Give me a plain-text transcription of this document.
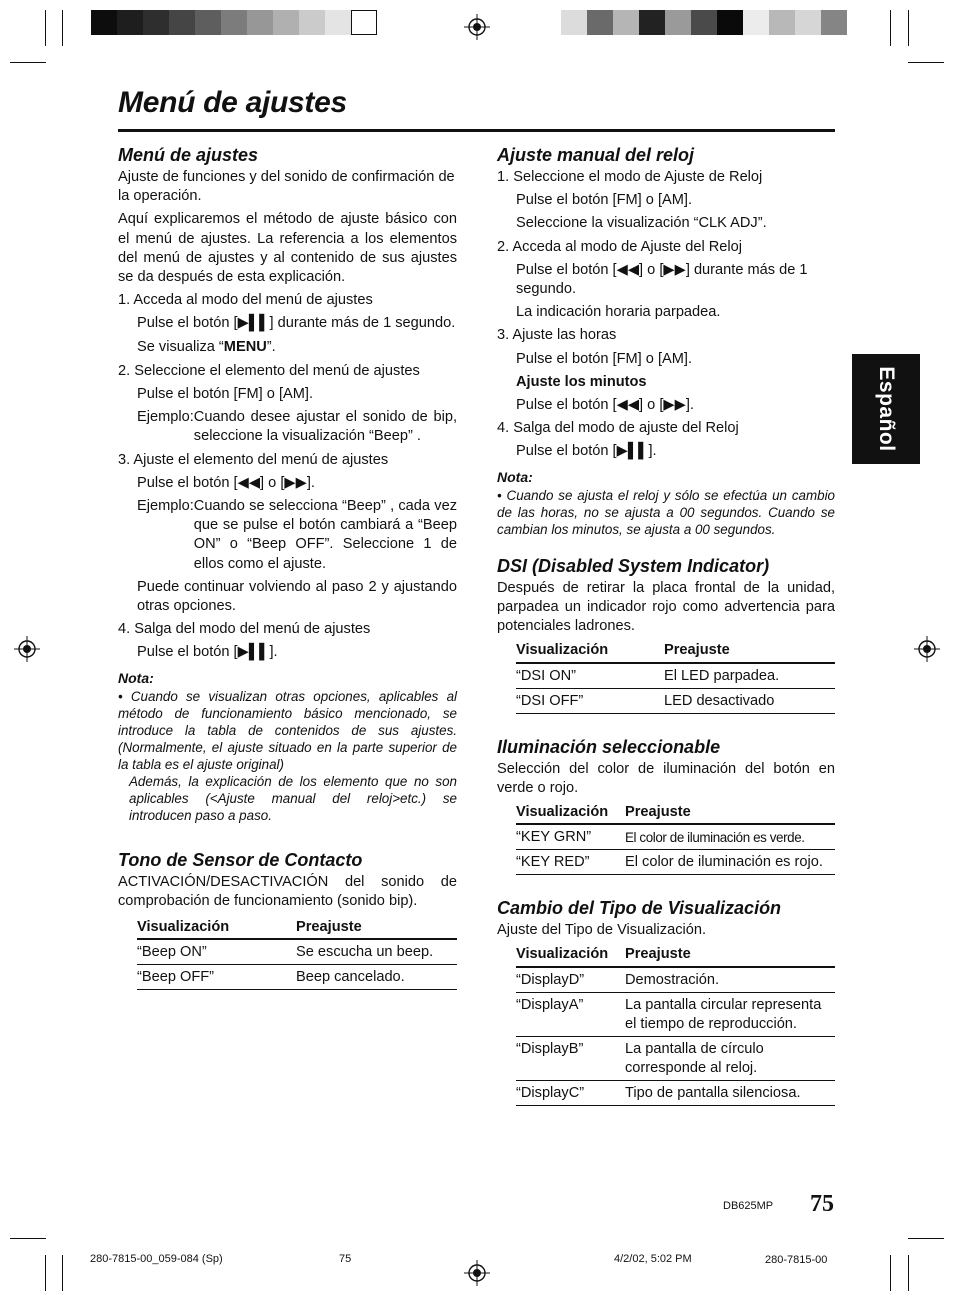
Menú de ajustes
Español
Menú de ajustes

Ajuste de funciones y del sonido de confirmación de la operación.

Aquí explicaremos el método de ajuste básico con el menú de ajustes. La referencia a los elementos del menú de ajustes y al contenido de sus ajustes se da después de esta explicación.

1. Acceda al modo del menú de ajustes

Pulse el botón [▶▌▌] durante más de 1 segundo.

Se visualiza “MENU”.

2. Seleccione el elemento del menú de ajustes

Pulse el botón [FM] o [AM].

Ejemplo: Cuando desee ajustar el sonido de bip, seleccione la visualización “Beep” .

3. Ajuste el elemento del menú de ajustes

Pulse el botón [◀◀] o [▶▶].

Ejemplo: Cuando se selecciona “Beep” , cada vez que se pulse el botón cambiará a “Beep ON” o “Beep OFF”. Seleccione 1 de ellos como el ajuste.

Puede continuar volviendo al paso 2 y ajustando otras opciones.

4. Salga del modo del menú de ajustes

Pulse el botón [▶▌▌].

Nota:

• Cuando se visualizan otras opciones, aplicables al método de funcionamiento básico mencionado, se introduce la tabla de contenidos de sus ajustes. (Normalmente, el ajuste situado en la parte superior de la tabla es el ajuste original)

Además, la explicación de los elemento que no son aplicables (<Ajuste manual del reloj>etc.) se introducen paso a paso.

Tono de Sensor de Contacto

ACTIVACIÓN/DESACTIVACIÓN del sonido de comprobación de funcionamiento (sonido bip).

Visualización	Preajuste
“Beep ON”	Se escucha un beep.
“Beep OFF”	Beep cancelado.
Ajuste manual del reloj

1. Seleccione el modo de Ajuste de Reloj

Pulse el botón [FM] o [AM].

Seleccione la visualización “CLK ADJ”.

2. Acceda al modo de Ajuste del Reloj

Pulse el botón [◀◀] o [▶▶] durante más de 1 segundo.

La indicación horaria parpadea.

3. Ajuste las horas

Pulse el botón [FM] o [AM].

Ajuste los minutos

Pulse el botón [◀◀] o [▶▶].

4. Salga del modo de ajuste del Reloj

Pulse el botón [▶▌▌].

Nota:

• Cuando se ajusta el reloj y sólo se efectúa un cambio de las horas, no se ajusta a 00 segundos. Cuando se cambian los minutos, se ajusta a 00 segundos.

DSI (Disabled System Indicator)

Después de retirar la placa frontal de la unidad, parpadea un indicador rojo como advertencia para potenciales ladrones.

Visualización	Preajuste
“DSI ON”	El LED parpadea.
“DSI OFF”	LED desactivado
Iluminación seleccionable

Selección del color de iluminación del botón en verde o rojo.

Visualización	Preajuste
“KEY GRN”	El color de iluminación es verde.
“KEY RED”	El color de iluminación es rojo.
Cambio del Tipo de Visualización

Ajuste del Tipo de Visualización.

Visualización	Preajuste
“DisplayD”	Demostración.
“DisplayA”	La pantalla circular representa el tiempo de reproducción.
“DisplayB”	La pantalla de círculo corresponde al reloj.
“DisplayC”	Tipo de pantalla silenciosa.
DB625MP 75
280-7815-00_059-084 (Sp)	75	4/2/02, 5:02 PM	280-7815-00
